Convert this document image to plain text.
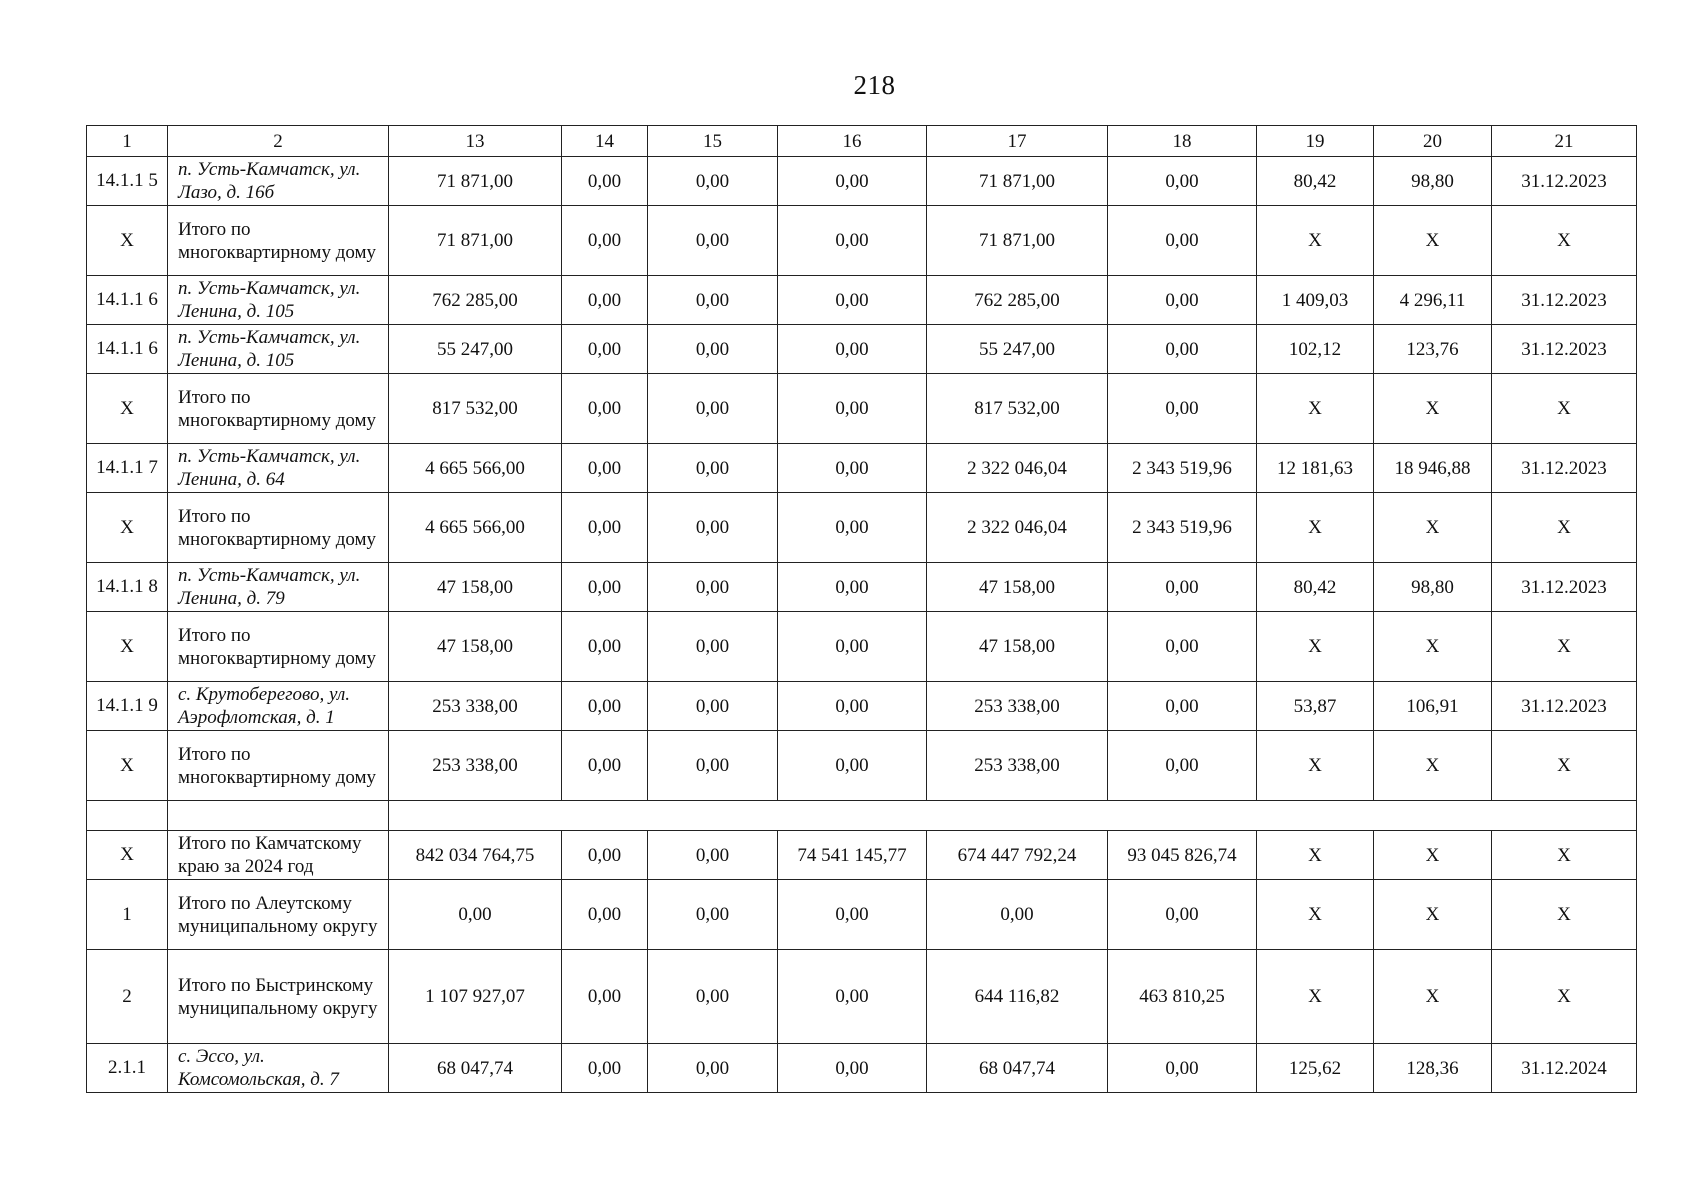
218
1	2	13	14	15	16	17	18	19	20	21
14.1.1 5	п. Усть-Камчатск, ул. Лазо, д. 16б	71 871,00	0,00	0,00	0,00	71 871,00	0,00	80,42	98,80	31.12.2023
X	Итого по многоквартирному дому	71 871,00	0,00	0,00	0,00	71 871,00	0,00	X	X	X
14.1.1 6	п. Усть-Камчатск, ул. Ленина, д. 105	762 285,00	0,00	0,00	0,00	762 285,00	0,00	1 409,03	4 296,11	31.12.2023
14.1.1 6	п. Усть-Камчатск, ул. Ленина, д. 105	55 247,00	0,00	0,00	0,00	55 247,00	0,00	102,12	123,76	31.12.2023
X	Итого по многоквартирному дому	817 532,00	0,00	0,00	0,00	817 532,00	0,00	X	X	X
14.1.1 7	п. Усть-Камчатск, ул. Ленина, д. 64	4 665 566,00	0,00	0,00	0,00	2 322 046,04	2 343 519,96	12 181,63	18 946,88	31.12.2023
X	Итого по многоквартирному дому	4 665 566,00	0,00	0,00	0,00	2 322 046,04	2 343 519,96	X	X	X
14.1.1 8	п. Усть-Камчатск, ул. Ленина, д. 79	47 158,00	0,00	0,00	0,00	47 158,00	0,00	80,42	98,80	31.12.2023
X	Итого по многоквартирному дому	47 158,00	0,00	0,00	0,00	47 158,00	0,00	X	X	X
14.1.1 9	с. Крутоберегово, ул. Аэрофлотская, д. 1	253 338,00	0,00	0,00	0,00	253 338,00	0,00	53,87	106,91	31.12.2023
X	Итого по многоквартирному дому	253 338,00	0,00	0,00	0,00	253 338,00	0,00	X	X	X

X	Итого по Камчатскому краю за 2024 год	842 034 764,75	0,00	0,00	74 541 145,77	674 447 792,24	93 045 826,74	X	X	X
1	Итого по Алеутскому муниципальному округу	0,00	0,00	0,00	0,00	0,00	0,00	X	X	X
2	Итого по Быстринскому муниципальному округу	1 107 927,07	0,00	0,00	0,00	644 116,82	463 810,25	X	X	X
2.1.1	с. Эссо, ул. Комсомольская, д. 7	68 047,74	0,00	0,00	0,00	68 047,74	0,00	125,62	128,36	31.12.2024
